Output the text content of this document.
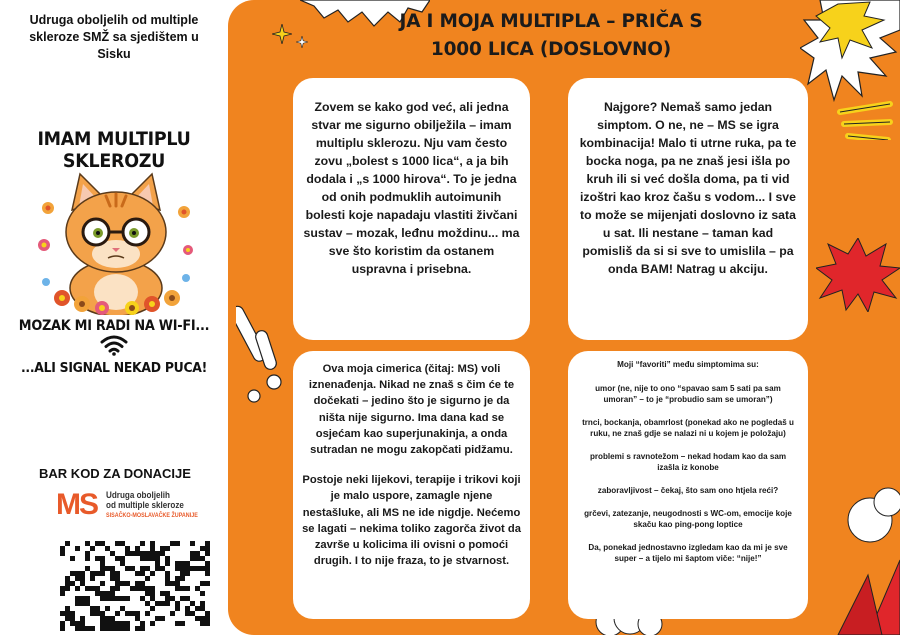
Udruga oboljelih od multiple skleroze SMŽ sa sjedištem u Sisku
IMAM MULTIPLU SKLEROZU
MOZAK MI RADI NA WI-FI...
...ALI SIGNAL NEKAD PUCA!
BAR KOD ZA DONACIJE
MS Udruga oboljelih
od multiple skleroze
SISAČKO-MOSLAVAČKE ŽUPANIJE
JA I MOJA MULTIPLA – PRIČA S 1000 LICA (DOSLOVNO)

Zovem se kako god već, ali jedna stvar me sigurno obilježila – imam multiplu sklerozu. Nju vam često zovu „bolest s 1000 lica“, a ja bih dodala i „s 1000 hirova“. To je jedna od onih podmuklih autoimunih bolesti koje napadaju vlastiti živčani sustav – mozak, leđnu moždinu... ma sve što koristim da ostanem uspravna i prisebna.

Najgore? Nemaš samo jedan simptom. O ne, ne – MS se igra kombinacija! Malo ti utrne ruka, pa te bocka noga, pa ne znaš jesi išla po kruh ili si već došla doma, pa ti vid izoštri kao kroz čašu s vodom... I sve to može se mijenjati doslovno iz sata u sat. Ili nestane – taman kad pomisliš da si si sve to umislila – pa onda BAM! Natrag u akciju.

Ova moja cimerica (čitaj: MS) voli iznenađenja. Nikad ne znaš s čim će te dočekati – jedino što je sigurno je da ništa nije sigurno. Ima dana kad se osjećam kao superjunakinja, a onda sutradan ne mogu zakopčati pidžamu.

Postoje neki lijekovi, terapije i trikovi koji je malo uspore, zamagle njene nestašluke, ali MS ne ide nigdje. Nećemo se lagati – nekima toliko zagorča život da završe u kolicima ili ovisni o pomoći drugih. I to nije fraza, to je stvarnost.

Moji “favoriti” među simptomima su:

umor (ne, nije to ono “spavao sam 5 sati pa sam umoran” – to je “probudio sam se umoran”)

trnci, bockanja, obamrlost (ponekad ako ne pogledaš u ruku, ne znaš gdje se nalazi ni u kojem je položaju)

problemi s ravnotežom – nekad hodam kao da sam izašla iz konobe

zaboravljivost – čekaj, što sam ono htjela reći?

grčevi, zatezanje, neugodnosti s WC-om, emocije koje skaču kao ping-pong loptice

Da, ponekad jednostavno izgledam kao da mi je sve super – a tijelo mi šaptom viče: “nije!”
